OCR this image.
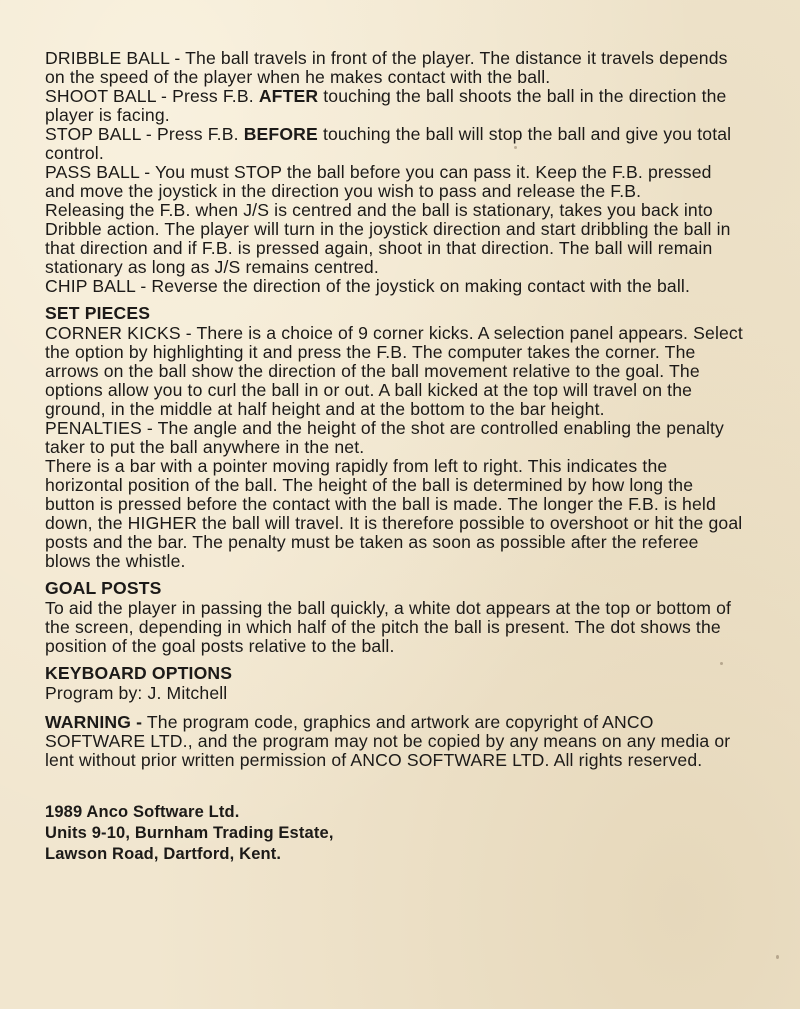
DRIBBLE BALL - The ball travels in front of the player. The distance it travels depends on the speed of the player when he makes contact with the ball.

SHOOT BALL - Press F.B. AFTER touching the ball shoots the ball in the direction the player is facing.

STOP BALL - Press F.B. BEFORE touching the ball will stop the ball and give you total control.

PASS BALL - You must STOP the ball before you can pass it. Keep the F.B. pressed and move the joystick in the direction you wish to pass and release the F.B.

Releasing the F.B. when J/S is centred and the ball is stationary, takes you back into Dribble action. The player will turn in the joystick direction and start dribbling the ball in that direction and if F.B. is pressed again, shoot in that direction. The ball will remain stationary as long as J/S remains centred.

CHIP BALL - Reverse the direction of the joystick on making contact with the ball.

SET PIECES

CORNER KICKS - There is a choice of 9 corner kicks. A selection panel appears. Select the option by highlighting it and press the F.B. The computer takes the corner. The arrows on the ball show the direction of the ball movement relative to the goal. The options allow you to curl the ball in or out. A ball kicked at the top will travel on the ground, in the middle at half height and at the bottom to the bar height.

PENALTIES - The angle and the height of the shot are controlled enabling the penalty taker to put the ball anywhere in the net.

There is a bar with a pointer moving rapidly from left to right. This indicates the horizontal position of the ball. The height of the ball is determined by how long the button is pressed before the contact with the ball is made. The longer the F.B. is held down, the HIGHER the ball will travel. It is therefore possible to overshoot or hit the goal posts and the bar. The penalty must be taken as soon as possible after the referee blows the whistle.

GOAL POSTS

To aid the player in passing the ball quickly, a white dot appears at the top or bottom of the screen, depending in which half of the pitch the ball is present. The dot shows the position of the goal posts relative to the ball.

KEYBOARD OPTIONS

Program by: J. Mitchell

WARNING - The program code, graphics and artwork are copyright of ANCO SOFTWARE LTD., and the program may not be copied by any means on any media or lent without prior written permission of ANCO SOFTWARE LTD. All rights reserved.

1989 Anco Software Ltd.

Units 9-10, Burnham Trading Estate,

Lawson Road, Dartford, Kent.
